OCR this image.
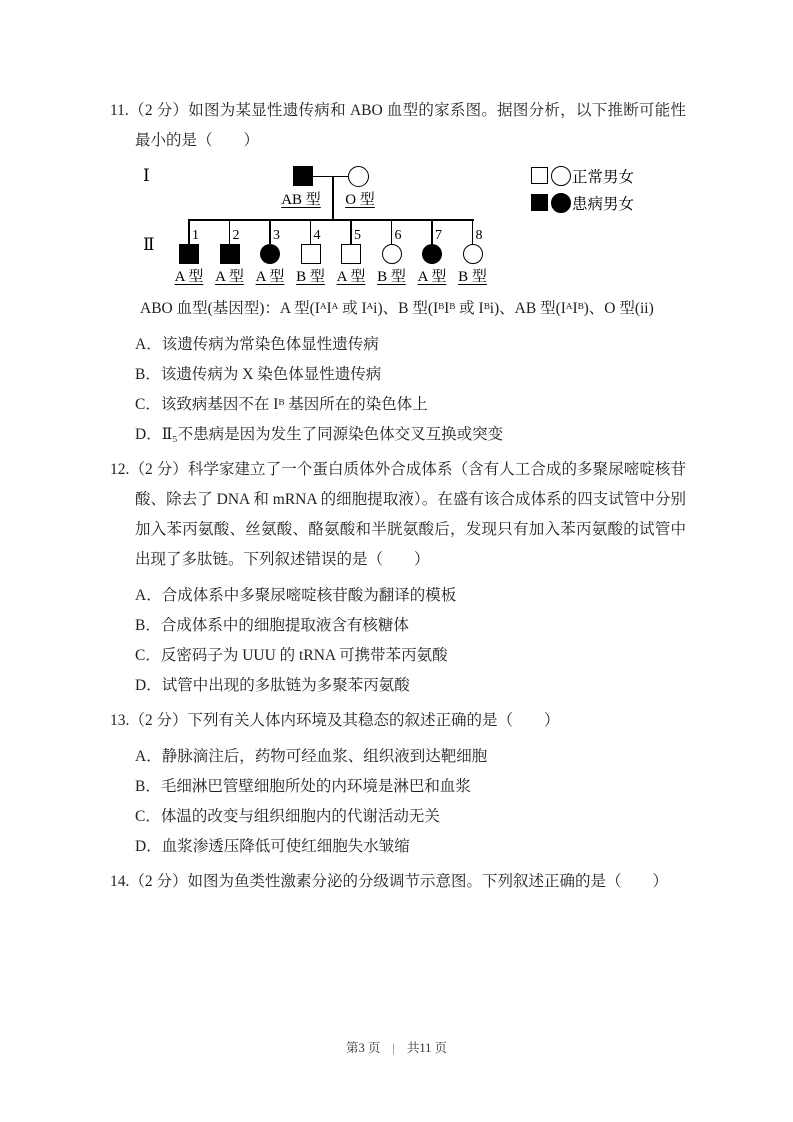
11.（2 分）如图为某显性遗传病和 ABO 血型的家系图。据图分析，以下推断可能性最小的是（　　）

Ⅰ
Ⅱ
AB 型 O 型
1
A 型
2
A 型
3
A 型
4
B 型
5
A 型
6
B 型
7
A 型
8
B 型
正常男女
患病男女

ABO 血型(基因型)：A 型(IᴬIᴬ 或 Iᴬi)、B 型(IᴮIᴮ 或 Iᴮi)、AB 型(IᴬIᴮ)、O 型(ii)

A．该遗传病为常染色体显性遗传病

B．该遗传病为 X 染色体显性遗传病

C．该致病基因不在 Iᴮ 基因所在的染色体上

D．Ⅱ₅不患病是因为发生了同源染色体交叉互换或突变

12.（2 分）科学家建立了一个蛋白质体外合成体系（含有人工合成的多聚尿嘧啶核苷酸、除去了 DNA 和 mRNA 的细胞提取液）。在盛有该合成体系的四支试管中分别加入苯丙氨酸、丝氨酸、酪氨酸和半胱氨酸后，发现只有加入苯丙氨酸的试管中出现了多肽链。下列叙述错误的是（　　）

A．合成体系中多聚尿嘧啶核苷酸为翻译的模板

B．合成体系中的细胞提取液含有核糖体

C．反密码子为 UUU 的 tRNA 可携带苯丙氨酸

D．试管中出现的多肽链为多聚苯丙氨酸

13.（2 分）下列有关人体内环境及其稳态的叙述正确的是（　　）

A．静脉滴注后，药物可经血浆、组织液到达靶细胞

B．毛细淋巴管壁细胞所处的内环境是淋巴和血浆

C．体温的改变与组织细胞内的代谢活动无关

D．血浆渗透压降低可使红细胞失水皱缩

14.（2 分）如图为鱼类性激素分泌的分级调节示意图。下列叙述正确的是（　　）

第3 页 | 共11 页
